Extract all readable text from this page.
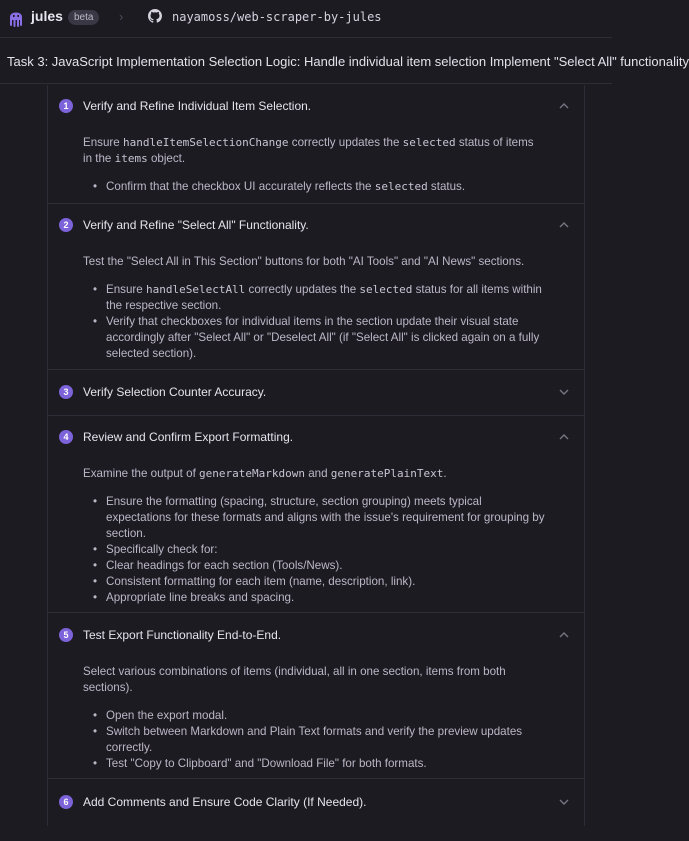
jules	beta	›	nayamoss/web-scraper-by-jules
Task 3: JavaScript Implementation Selection Logic: Handle individual item selection Implement "Select All" functionality
1	Verify and Refine Individual Item Selection.
Ensure handleItemSelectionChange correctly updates the selected status of items in the items object.
• Confirm that the checkbox UI accurately reflects the selected status.
2	Verify and Refine "Select All" Functionality.
Test the "Select All in This Section" buttons for both "AI Tools" and "AI News" sections.
• Ensure handleSelectAll correctly updates the selected status for all items within the respective section.
• Verify that checkboxes for individual items in the section update their visual state accordingly after "Select All" or "Deselect All" (if "Select All" is clicked again on a fully selected section).
3	Verify Selection Counter Accuracy.
4	Review and Confirm Export Formatting.
Examine the output of generateMarkdown and generatePlainText.
• Ensure the formatting (spacing, structure, section grouping) meets typical expectations for these formats and aligns with the issue's requirement for grouping by section.
• Specifically check for:
• Clear headings for each section (Tools/News).
• Consistent formatting for each item (name, description, link).
• Appropriate line breaks and spacing.
5	Test Export Functionality End-to-End.
Select various combinations of items (individual, all in one section, items from both sections).
• Open the export modal.
• Switch between Markdown and Plain Text formats and verify the preview updates correctly.
• Test "Copy to Clipboard" and "Download File" for both formats.
6	Add Comments and Ensure Code Clarity (If Needed).
